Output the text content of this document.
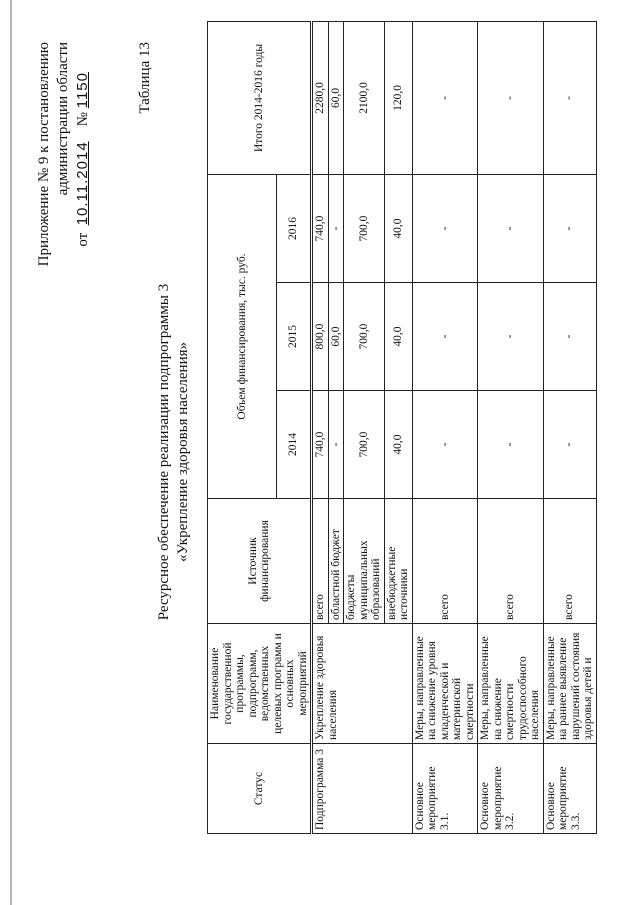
Приложение № 9 к постановлению администрации области
от  10.11.2014    № 1150	Таблица 13
Ресурсное обеспечение реализации подпрограммы 3 «Укрепление здоровья населения»
Статус	Наименование государственной программы, подпрограмм, ведомственных целевых программ и основных мероприятий	Источник финансирования	Объем финансирования, тыс. руб.			Итого 2014-2016 годы
			2014	2015	2016	
Подпрограмма 3	Укрепление здоровья населения	всего	740,0	800,0	740,0	2280,0
		областной бюджет	-	60,0	-	60,0
		бюджеты муниципальных образований	700,0	700,0	700,0	2100,0
		внебюджетные источники	40,0	40,0	40,0	120,0
Основное мероприятие 3.1.	Меры, направленные на снижение уровня младенческой и материнской смертности	всего	-	-	-	-
Основное мероприятие 3.2.	Меры, направленные на снижение смертности трудоспособного населения	всего	-	-	-	-
Основное мероприятие 3.3.	Меры, направленные на раннее выявление нарушений состояния здоровья детей и	всего	-	-	-	-
